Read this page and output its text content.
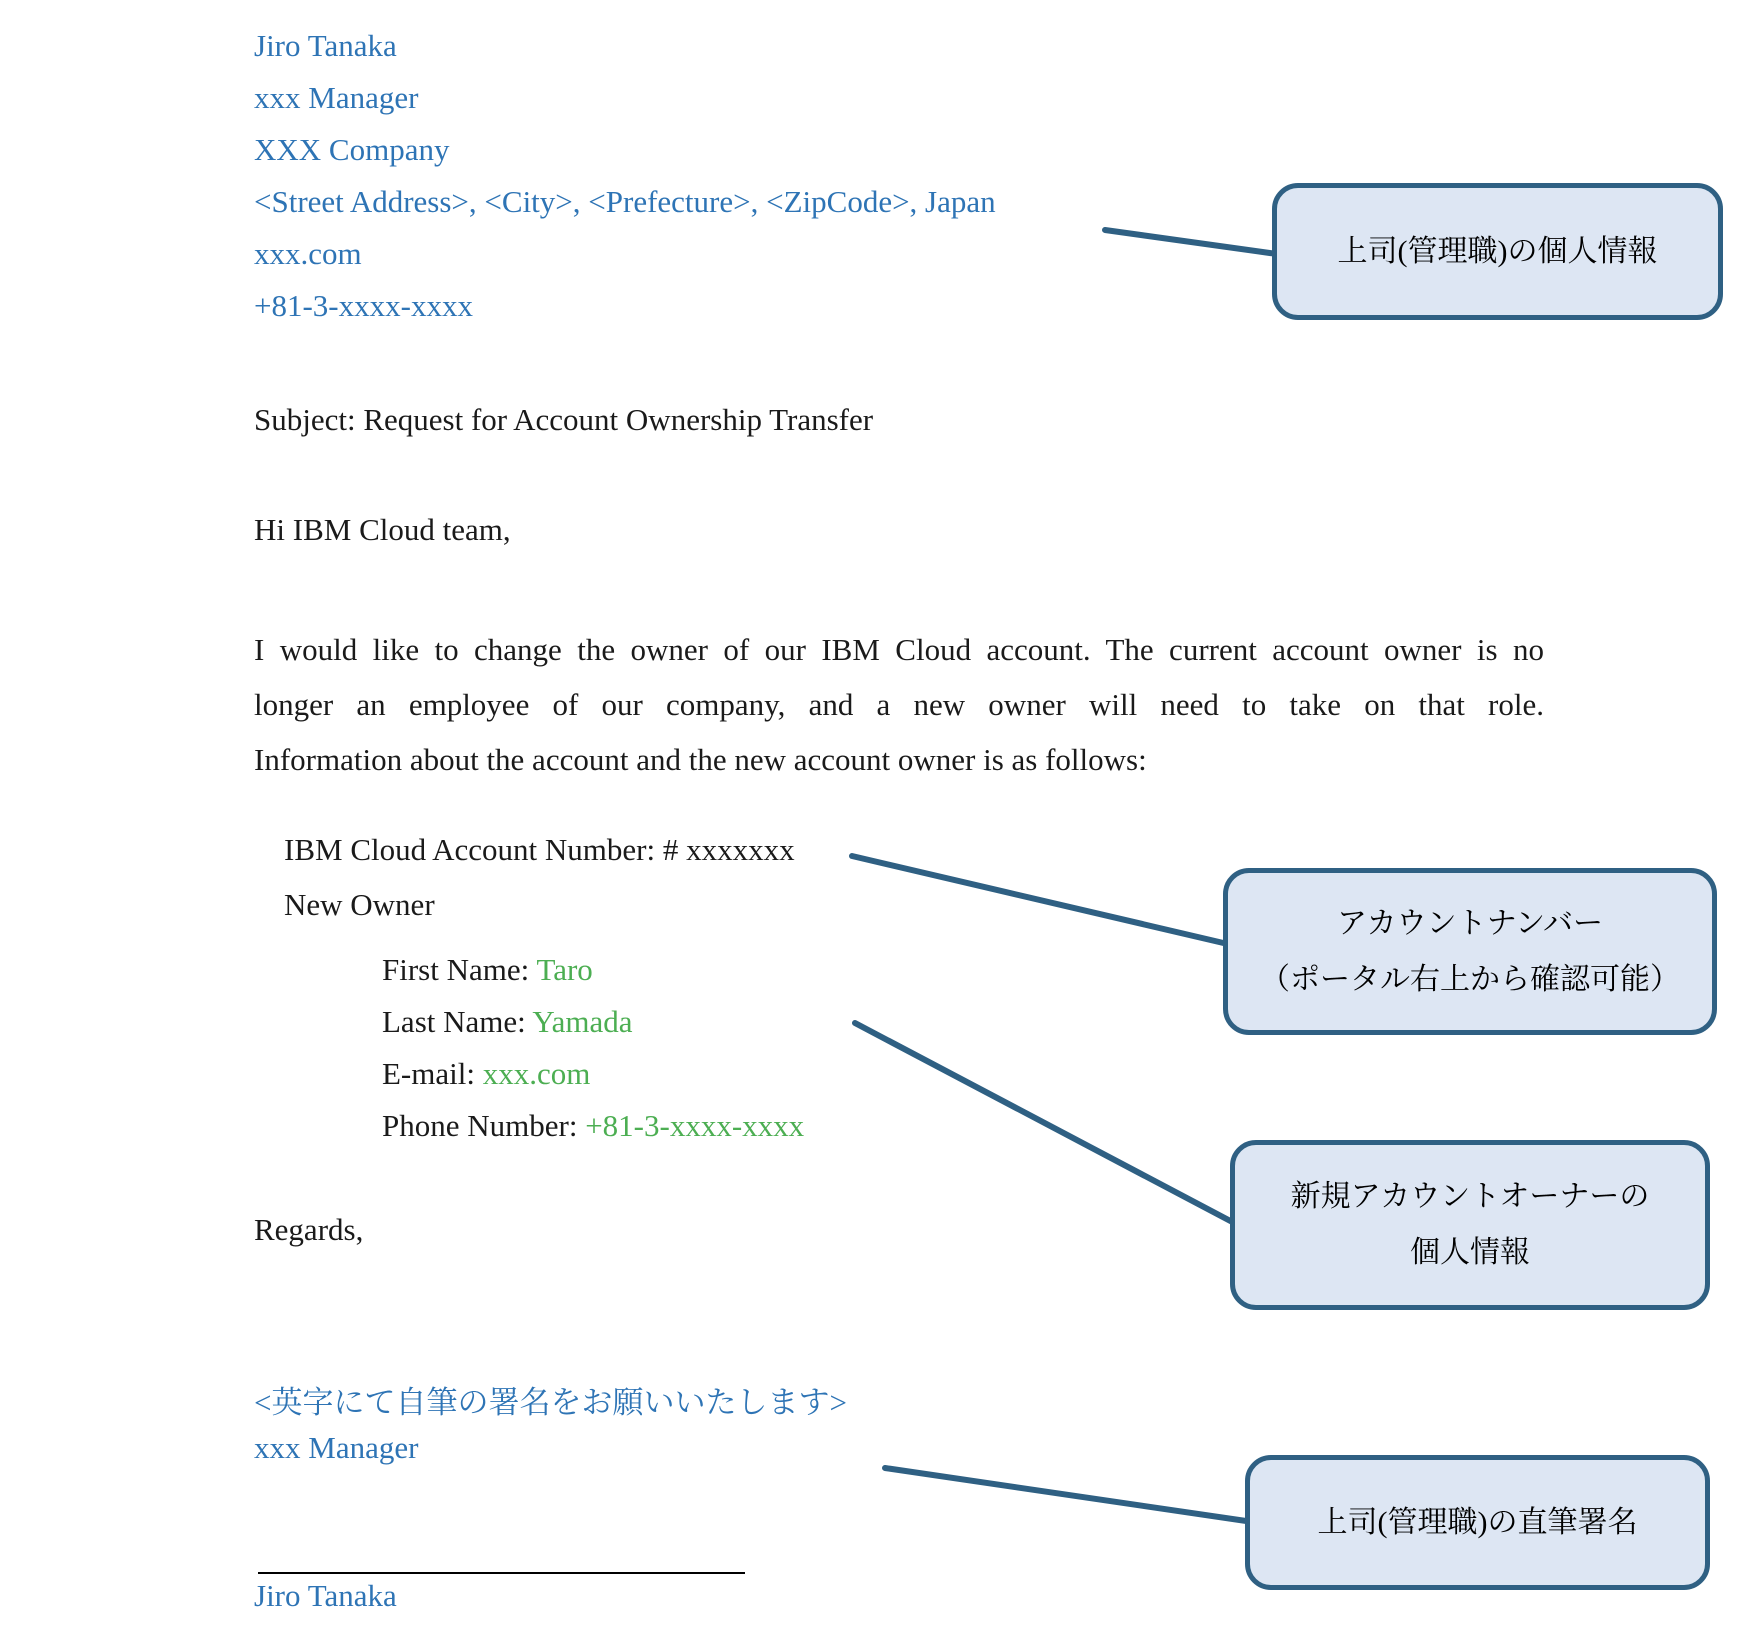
Jiro Tanaka
xxx Manager
XXX Company
<Street Address>, <City>, <Prefecture>, <ZipCode>, Japan
xxx.com
+81-3-xxxx-xxxx
Subject: Request for Account Ownership Transfer
Hi IBM Cloud team,
I would like to change the owner of our IBM Cloud account. The current account owner is no
longer an employee of our company, and a new owner will need to take on that role.
Information about the account and the new account owner is as follows:
IBM Cloud Account Number: # xxxxxxx
New Owner
First Name: Taro
Last Name: Yamada
E-mail: xxx.com
Phone Number: +81-3-xxxx-xxxx
Regards,
<英字にて自筆の署名をお願いいたします>
xxx Manager
Jiro Tanaka
上司(管理職)の個人情報
アカウントナンバー
（ポータル右上から確認可能）
新規アカウントオーナーの
個人情報
上司(管理職)の直筆署名
